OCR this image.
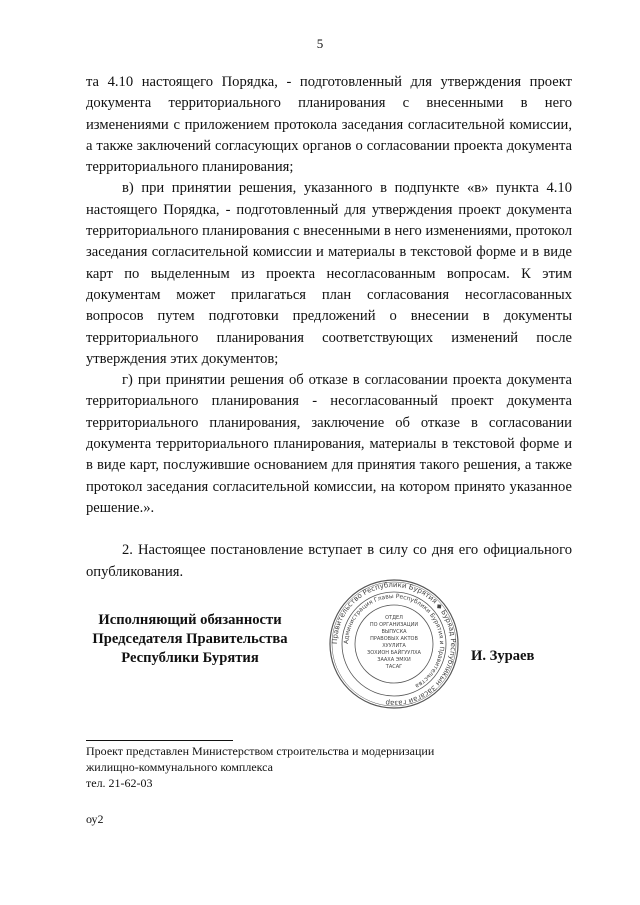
5

та 4.10 настоящего Порядка, - подготовленный для утверждения проект документа территориального планирования с внесенными в него изменениями с приложением протокола заседания согласительной комиссии, а также заключений согласующих органов о согласовании проекта документа территориального планирования;

в) при принятии решения, указанного в подпункте «в» пункта 4.10 настоящего Порядка, - подготовленный для утверждения проект документа территориального планирования с внесенными в него изменениями, протокол заседания согласительной комиссии и материалы в текстовой форме и в виде карт по выделенным из проекта несогласованным вопросам. К этим документам может прилагаться план согласования несогласованных вопросов путем подготовки предложений о внесении в документы территориального планирования соответствующих изменений после утверждения этих документов;

г) при принятии решения об отказе в согласовании проекта документа территориального планирования - несогласованный проект документа территориального планирования, заключение об отказе в согласовании документа территориального планирования, материалы в текстовой форме и в виде карт, послужившие основанием для принятия такого решения, а также протокол заседания согласительной комиссии, на котором принято указанное решение.».

2. Настоящее постановление вступает в силу со дня его официального опубликования.

Исполняющий обязанности
Председателя Правительства
Республики Бурятия
Правительство Республики Бурятия ◆ Буряад Республикын Засагай газар
Администрация Главы Республики Бурятия и Правительства
ОТДЕЛ
ПО ОРГАНИЗАЦИИ
ВЫПУСКА
ПРАВОВЫХ АКТОВ
ХУУЛИТА
ЗОХИОН БАЙГУУЛХА
ЗААХА ЭМХИ
ТАСАГ
И. Зураев
Проект представлен Министерством строительства и модернизации
жилищно-коммунального комплекса
тел. 21-62-03
оу2
